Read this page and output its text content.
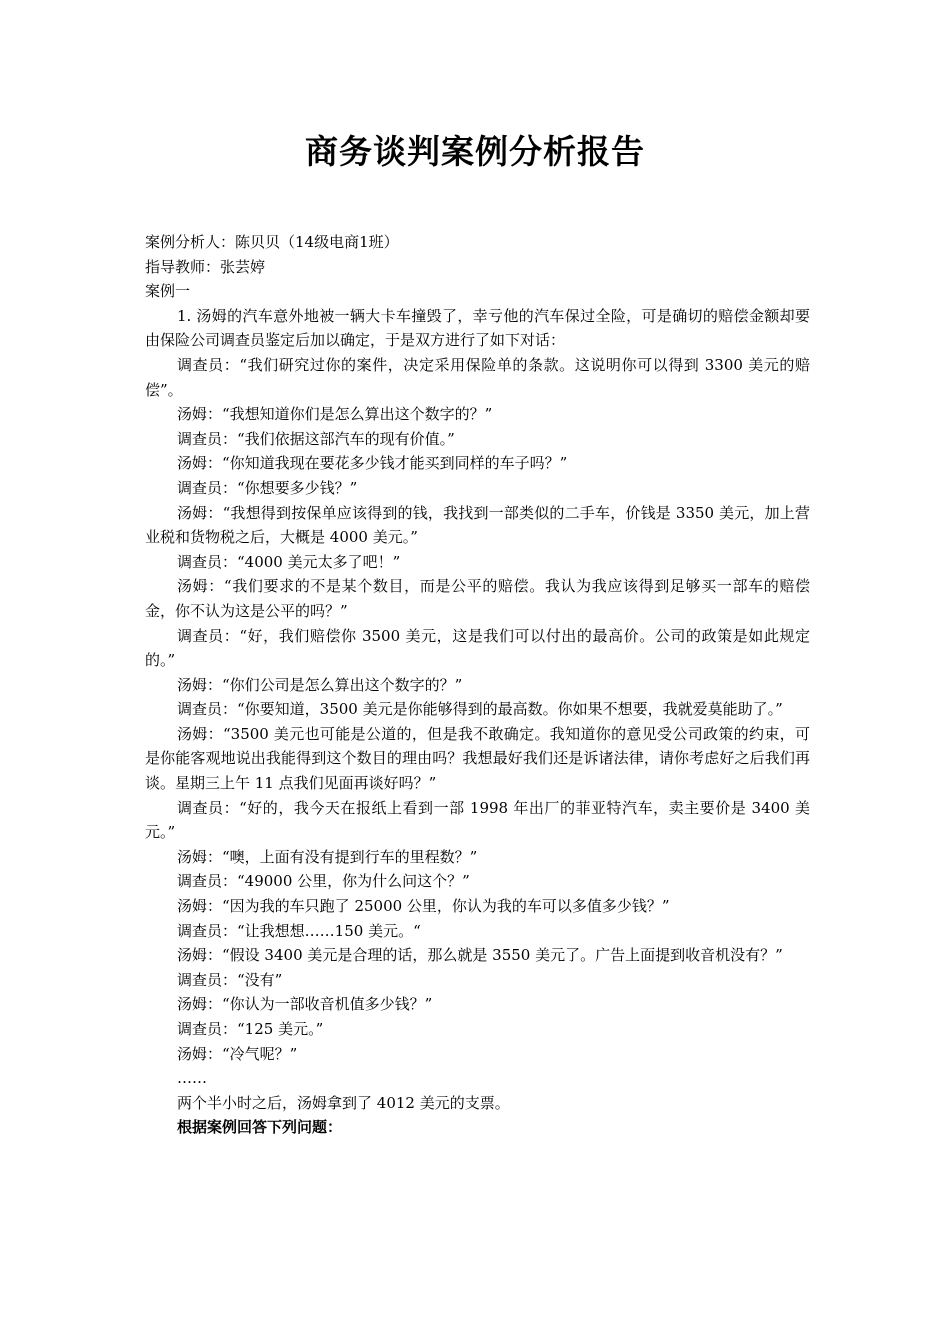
商务谈判案例分析报告

案例分析人：陈贝贝（14级电商1班）

指导教师：张芸婷

案例一

1. 汤姆的汽车意外地被一辆大卡车撞毁了，幸亏他的汽车保过全险，可是确切的赔偿金额却要由保险公司调查员鉴定后加以确定，于是双方进行了如下对话：

调查员：“我们研究过你的案件，决定采用保险单的条款。这说明你可以得到 3300 美元的赔偿”。

汤姆：“我想知道你们是怎么算出这个数字的？”

调查员：“我们依据这部汽车的现有价值。”

汤姆：“你知道我现在要花多少钱才能买到同样的车子吗？”

调查员：“你想要多少钱？”

汤姆：“我想得到按保单应该得到的钱，我找到一部类似的二手车，价钱是 3350 美元，加上营业税和货物税之后，大概是 4000 美元。”

调查员：“4000 美元太多了吧！”

汤姆：“我们要求的不是某个数目，而是公平的赔偿。我认为我应该得到足够买一部车的赔偿金，你不认为这是公平的吗？”

调查员：“好，我们赔偿你 3500 美元，这是我们可以付出的最高价。公司的政策是如此规定的。”

汤姆：“你们公司是怎么算出这个数字的？”

调查员：“你要知道，3500 美元是你能够得到的最高数。你如果不想要，我就爱莫能助了。”

汤姆：“3500 美元也可能是公道的，但是我不敢确定。我知道你的意见受公司政策的约束，可是你能客观地说出我能得到这个数目的理由吗？我想最好我们还是诉诸法律，请你考虑好之后我们再谈。星期三上午 11 点我们见面再谈好吗？”

调查员：“好的，我今天在报纸上看到一部 1998 年出厂的菲亚特汽车，卖主要价是 3400 美元。”

汤姆：“噢，上面有没有提到行车的里程数？”

调查员：“49000 公里，你为什么问这个？”

汤姆：“因为我的车只跑了 25000 公里，你认为我的车可以多值多少钱？”

调查员：“让我想想……150 美元。“

汤姆：“假设 3400 美元是合理的话，那么就是 3550 美元了。广告上面提到收音机没有？”

调查员：“没有”

汤姆：“你认为一部收音机值多少钱？”

调查员：“125 美元。”

汤姆：“冷气呢？”

……

两个半小时之后，汤姆拿到了 4012 美元的支票。

根据案例回答下列问题：
